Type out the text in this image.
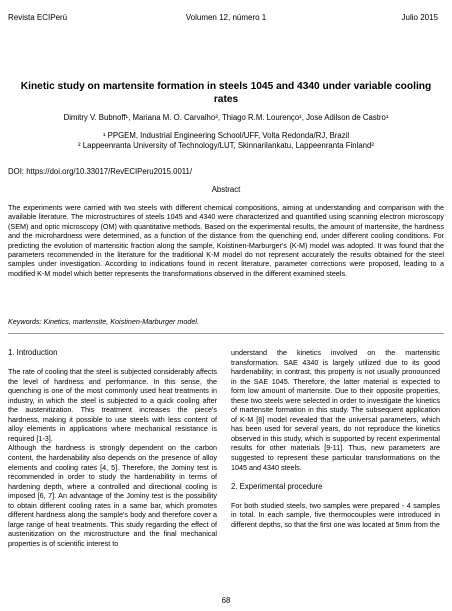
Revista ECIPerú	Volumen 12, número 1	Julio 2015
Kinetic study on martensite formation in steels 1045 and 4340 under variable cooling rates
Dimitry V. Bubnoff¹, Mariana M. O. Carvalho², Thiago R.M. Lourenço¹, Jose Adilson de Castro¹
¹ PPGEM, Industrial Engineering School/UFF, Volta Redonda/RJ, Brazil
² Lappeenranta University of Technology/LUT, Skinnarilankatu, Lappeenranta Finland²
DOI: https://doi.org/10.33017/RevECIPeru2015.0011/
Abstract

The experiments were carried with two steels with different chemical compositions, aiming at understanding and comparison with the available literature. The microstructures of steels 1045 and 4340 were characterized and quantified using scanning electron microscopy (SEM) and optic microscopy (OM) with quantitative methods. Based on the experimental results, the amount of martensite, the hardness and the microhardness were determined, as a function of the distance from the quenching end, under different cooling conditions. For predicting the evolution of martensitic fraction along the sample, Koistinen-Marburger's (K-M) model was adopted. It was found that the parameters recommended in the literature for the traditional K-M model do not represent accurately the results obtained for the steel samples under investigation. According to indications found in recent literature, parameter corrections were proposed, leading to a modified K-M model which better represents the transformations observed in the different examined steels.

Keywords: Kinetics, martensite, Koistinen-Marburger model.
1. Introduction

The rate of cooling that the steel is subjected considerably affects the level of hardness and performance. In this sense, the quenching is one of the most commonly used heat treatments in industry, in which the steel is subjected to a quick cooling after the austenitization. This treatment increases the piece's hardness, making it possible to use steels with less content of alloy elements in applications where mechanical resistance is required [1-3].

Although the hardness is strongly dependent on the carbon content, the hardenability also depends on the presence of alloy elements and cooling rates [4, 5]. Therefore, the Jominy test is recommended in order to study the hardenability in terms of hardening depth, where a controlled and directional cooling is imposed [6, 7]. An advantage of the Jominy test is the possibility to obtain different cooling rates in a same bar, which promotes different hardness along the sample's body and therefore cover a large range of heat treatments. This study regarding the effect of austenitization on the microstructure and the final mechanical properties is of scientific interest to

understand the kinetics involved on the martensitic transformation. SAE 4340 is largely utilized due to its good hardenability; in contrast, this property is not usually pronounced in the SAE 1045. Therefore, the latter material is expected to form low amount of martensite. Due to their opposite properties, these two steels were selected in order to investigate the kinetics of martensite formation in this study. The subsequent application of K-M [8] model revealed that the universal parameters, which has been used for several years, do not reproduce the kinetics observed in this study, which is supported by recent experimental results for other materials [9-11]. Thus, new parameters are suggested to represent these particular transformations on the 1045 and 4340 steels.

2. Experimental procedure

For both studied steels, two samples were prepared - 4 samples in total. In each sample, five thermocouples were introduced in different depths, so that the first one was located at 5mm from the

68
